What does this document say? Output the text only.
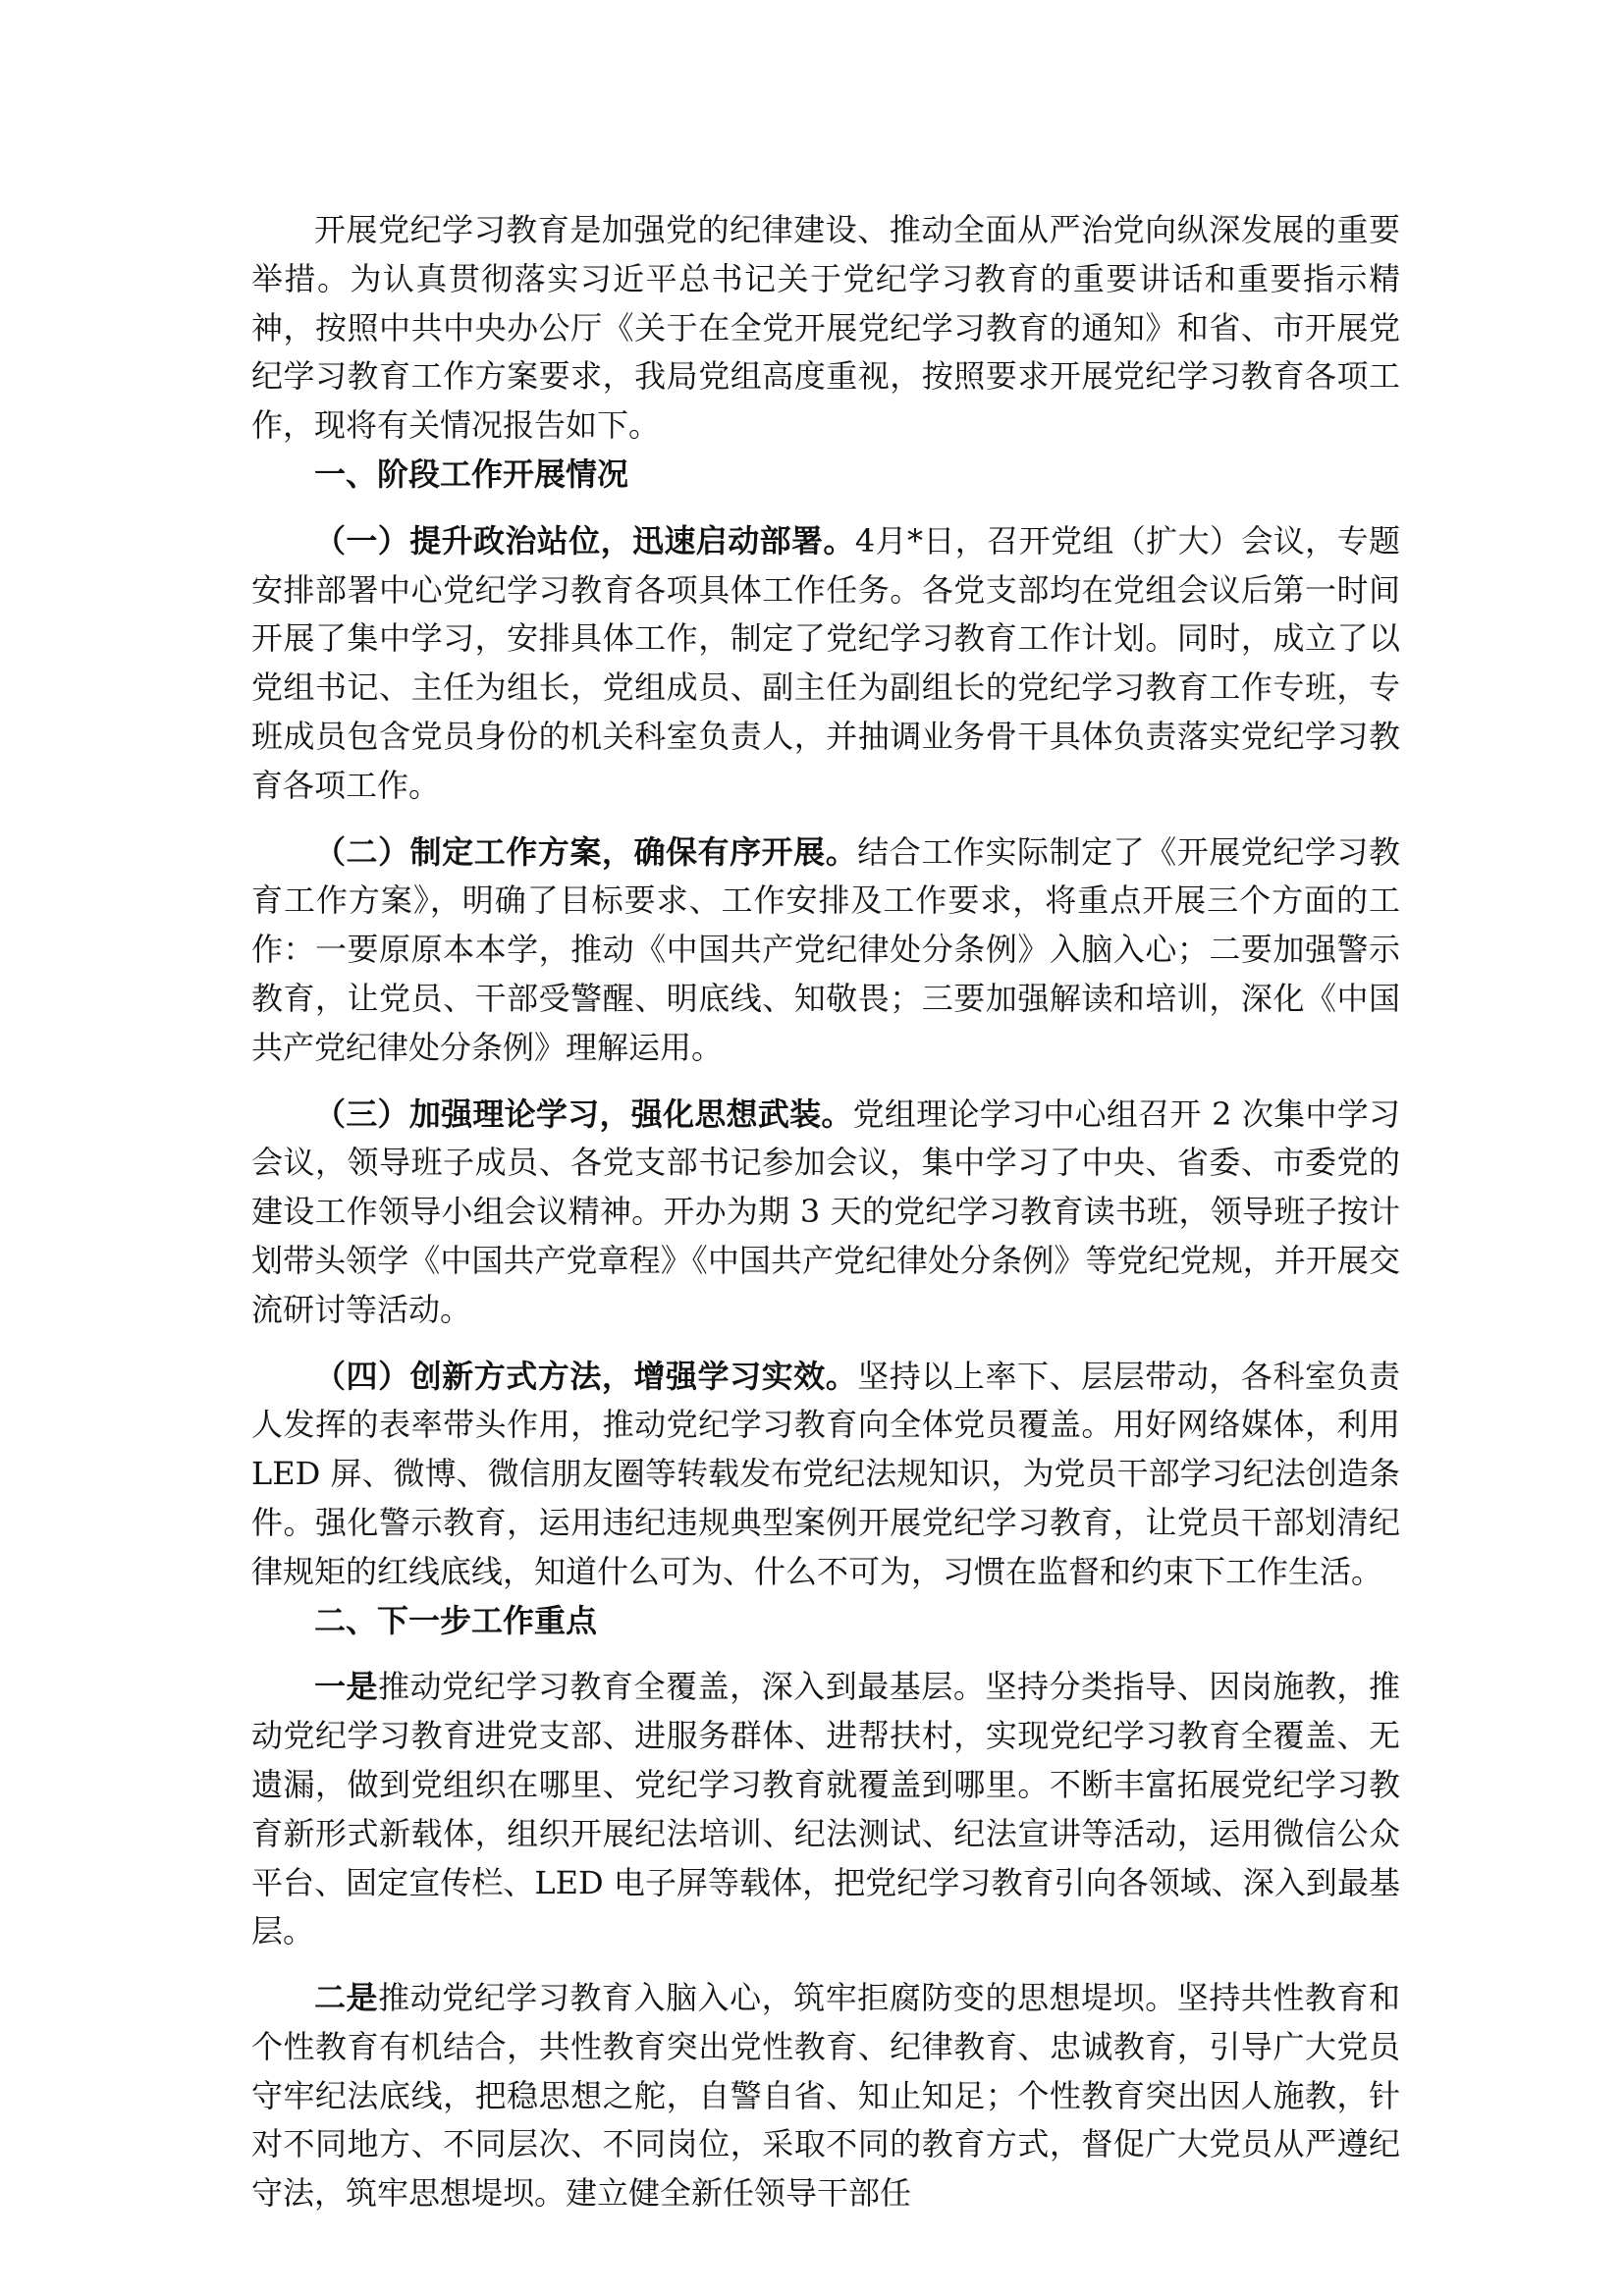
开展党纪学习教育是加强党的纪律建设、推动全面从严治党向纵深发展的重要举措。为认真贯彻落实习近平总书记关于党纪学习教育的重要讲话和重要指示精神，按照中共中央办公厅《关于在全党开展党纪学习教育的通知》和省、市开展党纪学习教育工作方案要求，我局党组高度重视，按照要求开展党纪学习教育各项工作，现将有关情况报告如下。

一、阶段工作开展情况

（一）提升政治站位，迅速启动部署。4月*日，召开党组（扩大）会议，专题安排部署中心党纪学习教育各项具体工作任务。各党支部均在党组会议后第一时间开展了集中学习，安排具体工作，制定了党纪学习教育工作计划。同时，成立了以党组书记、主任为组长，党组成员、副主任为副组长的党纪学习教育工作专班，专班成员包含党员身份的机关科室负责人，并抽调业务骨干具体负责落实党纪学习教育各项工作。

（二）制定工作方案，确保有序开展。结合工作实际制定了《开展党纪学习教育工作方案》，明确了目标要求、工作安排及工作要求，将重点开展三个方面的工作：一要原原本本学，推动《中国共产党纪律处分条例》入脑入心；二要加强警示教育，让党员、干部受警醒、明底线、知敬畏；三要加强解读和培训，深化《中国共产党纪律处分条例》理解运用。

（三）加强理论学习，强化思想武装。党组理论学习中心组召开 2 次集中学习会议，领导班子成员、各党支部书记参加会议，集中学习了中央、省委、市委党的建设工作领导小组会议精神。开办为期 3 天的党纪学习教育读书班，领导班子按计划带头领学《中国共产党章程》《中国共产党纪律处分条例》等党纪党规，并开展交流研讨等活动。

（四）创新方式方法，增强学习实效。坚持以上率下、层层带动，各科室负责人发挥的表率带头作用，推动党纪学习教育向全体党员覆盖。用好网络媒体，利用 LED 屏、微博、微信朋友圈等转载发布党纪法规知识，为党员干部学习纪法创造条件。强化警示教育，运用违纪违规典型案例开展党纪学习教育，让党员干部划清纪律规矩的红线底线，知道什么可为、什么不可为，习惯在监督和约束下工作生活。

二、下一步工作重点

一是推动党纪学习教育全覆盖，深入到最基层。坚持分类指导、因岗施教，推动党纪学习教育进党支部、进服务群体、进帮扶村，实现党纪学习教育全覆盖、无遗漏，做到党组织在哪里、党纪学习教育就覆盖到哪里。不断丰富拓展党纪学习教育新形式新载体，组织开展纪法培训、纪法测试、纪法宣讲等活动，运用微信公众平台、固定宣传栏、LED 电子屏等载体，把党纪学习教育引向各领域、深入到最基层。

二是推动党纪学习教育入脑入心，筑牢拒腐防变的思想堤坝。坚持共性教育和个性教育有机结合，共性教育突出党性教育、纪律教育、忠诚教育，引导广大党员守牢纪法底线，把稳思想之舵，自警自省、知止知足；个性教育突出因人施教，针对不同地方、不同层次、不同岗位，采取不同的教育方式，督促广大党员从严遵纪守法，筑牢思想堤坝。建立健全新任领导干部任
